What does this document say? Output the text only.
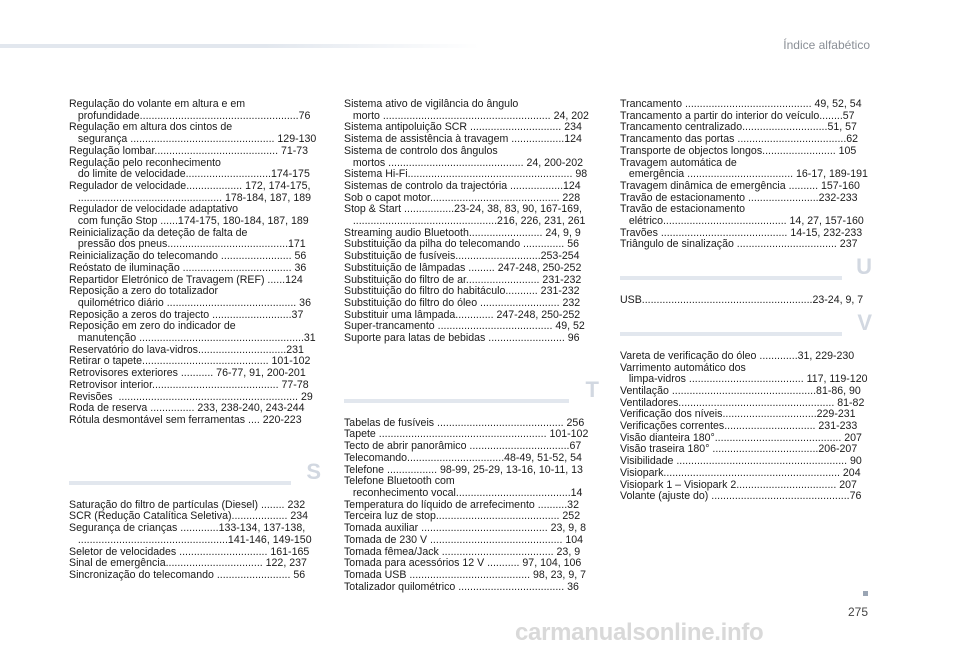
Índice alfabético

Regulação do volante em altura e em

profundidade......................................................76

Regulação em altura dos cintos de

segurança ................................................. 129-130

Regulação lombar.......................................... 71-73

Regulação pelo reconhecimento

do limite de velocidade.............................174-175

Regulador de velocidade................... 172, 174-175,

................................................. 178-184, 187, 189

Regulador de velocidade adaptativo

com função Stop ......174-175, 180-184, 187, 189

Reinicialização da deteção de falta de

pressão dos pneus.........................................171

Reinicialização do telecomando ........................ 56

Reóstato de iluminação ..................................... 36

Repartidor Eletrónico de Travagem (REF) ......124

Reposição a zero do totalizador

quilométrico diário ............................................ 36

Reposição a zeros do trajecto ...........................37

Reposição em zero do indicador de

manutenção ........................................................31

Reservatório do lava-vidros..............................231

Retirar o tapete........................................... 101-102

Retrovisores exteriores ........... 76-77, 91, 200-201

Retrovisor interior........................................... 77-78

Revisões  ............................................................. 29

Roda de reserva ............... 233, 238-240, 243-244

Rótula desmontável sem ferramentas .... 220-223

S

Saturação do filtro de partículas (Diesel) ........ 232

SCR (Redução Catalítica Seletiva)................... 234

Segurança de crianças .............133-134, 137-138,

...................................................141-146, 149-150

Seletor de velocidades .............................. 161-165

Sinal de emergência................................. 122, 237

Sincronização do telecomando ......................... 56

Sistema ativo de vigilância do ângulo

morto ......................................................... 24, 202

Sistema antipoluição SCR ............................... 234

Sistema de assistência à travagem ..................124

Sistema de controlo dos ângulos

mortos .............................................. 24, 200-202

Sistema Hi-Fi........................................................ 98

Sistemas de controlo da trajectória ..................124

Sob o capot motor............................................ 228

Stop & Start .................23-24, 38, 83, 90, 167-169,

.................................................216, 226, 231, 261

Streaming audio Bluetooth......................... 24, 9, 9

Substituição da pilha do telecomando .............. 56

Substituição de fusíveis.............................253-254

Substituição de lâmpadas ......... 247-248, 250-252

Substituição do filtro de ar......................... 231-232

Substituição do filtro do habitáculo........... 231-232

Substituição do filtro do óleo ........................... 232

Substituir uma lâmpada............. 247-248, 250-252

Super-trancamento ....................................... 49, 52

Suporte para latas de bebidas .......................... 96

T

Tabelas de fusíveis ........................................... 256

Tapete ......................................................... 101-102

Tecto de abrir panorâmico ..................................67

Telecomando.................................48-49, 51-52, 54

Telefone ................. 98-99, 25-29, 13-16, 10-11, 13

Telefone Bluetooth com

reconhecimento vocal.......................................14

Temperatura do líquido de arrefecimento ..........32

Terceira luz de stop.......................................... 252

Tomada auxiliar ........................................... 23, 9, 8

Tomada de 230 V ............................................. 104

Tomada fêmea/Jack ...................................... 23, 9

Tomada para acessórios 12 V ........... 97, 104, 106

Tomada USB ......................................... 98, 23, 9, 7

Totalizador quilométrico .................................... 36

Trancamento ........................................... 49, 52, 54

Trancamento a partir do interior do veículo........57

Trancamento centralizado.............................51, 57

Trancamento das portas .....................................62

Transporte de objectos longos......................... 105

Travagem automática de

emergência .................................... 16-17, 189-191

Travagem dinâmica de emergência .......... 157-160

Travão de estacionamento ........................232-233

Travão de estacionamento

elétrico.......................................... 14, 27, 157-160

Travões ........................................... 14-15, 232-233

Triângulo de sinalização .................................. 237

U

USB..........................................................23-24, 9, 7

V

Vareta de verificação do óleo .............31, 229-230

Varrimento automático dos

limpa-vidros ....................................... 117, 119-120

Ventilação .................................................81-86, 90

Ventiladores..................................................... 81-82

Verificação dos níveis................................229-231

Verificações correntes............................... 231-233

Visão dianteira 180°........................................... 207

Visão traseira 180° ....................................206-207

Visibilidade .......................................................... 90

Visiopark............................................................ 204

Visiopark 1 – Visiopark 2.................................. 207

Volante (ajuste do) ...............................................76

275
carmanualsonline.info
